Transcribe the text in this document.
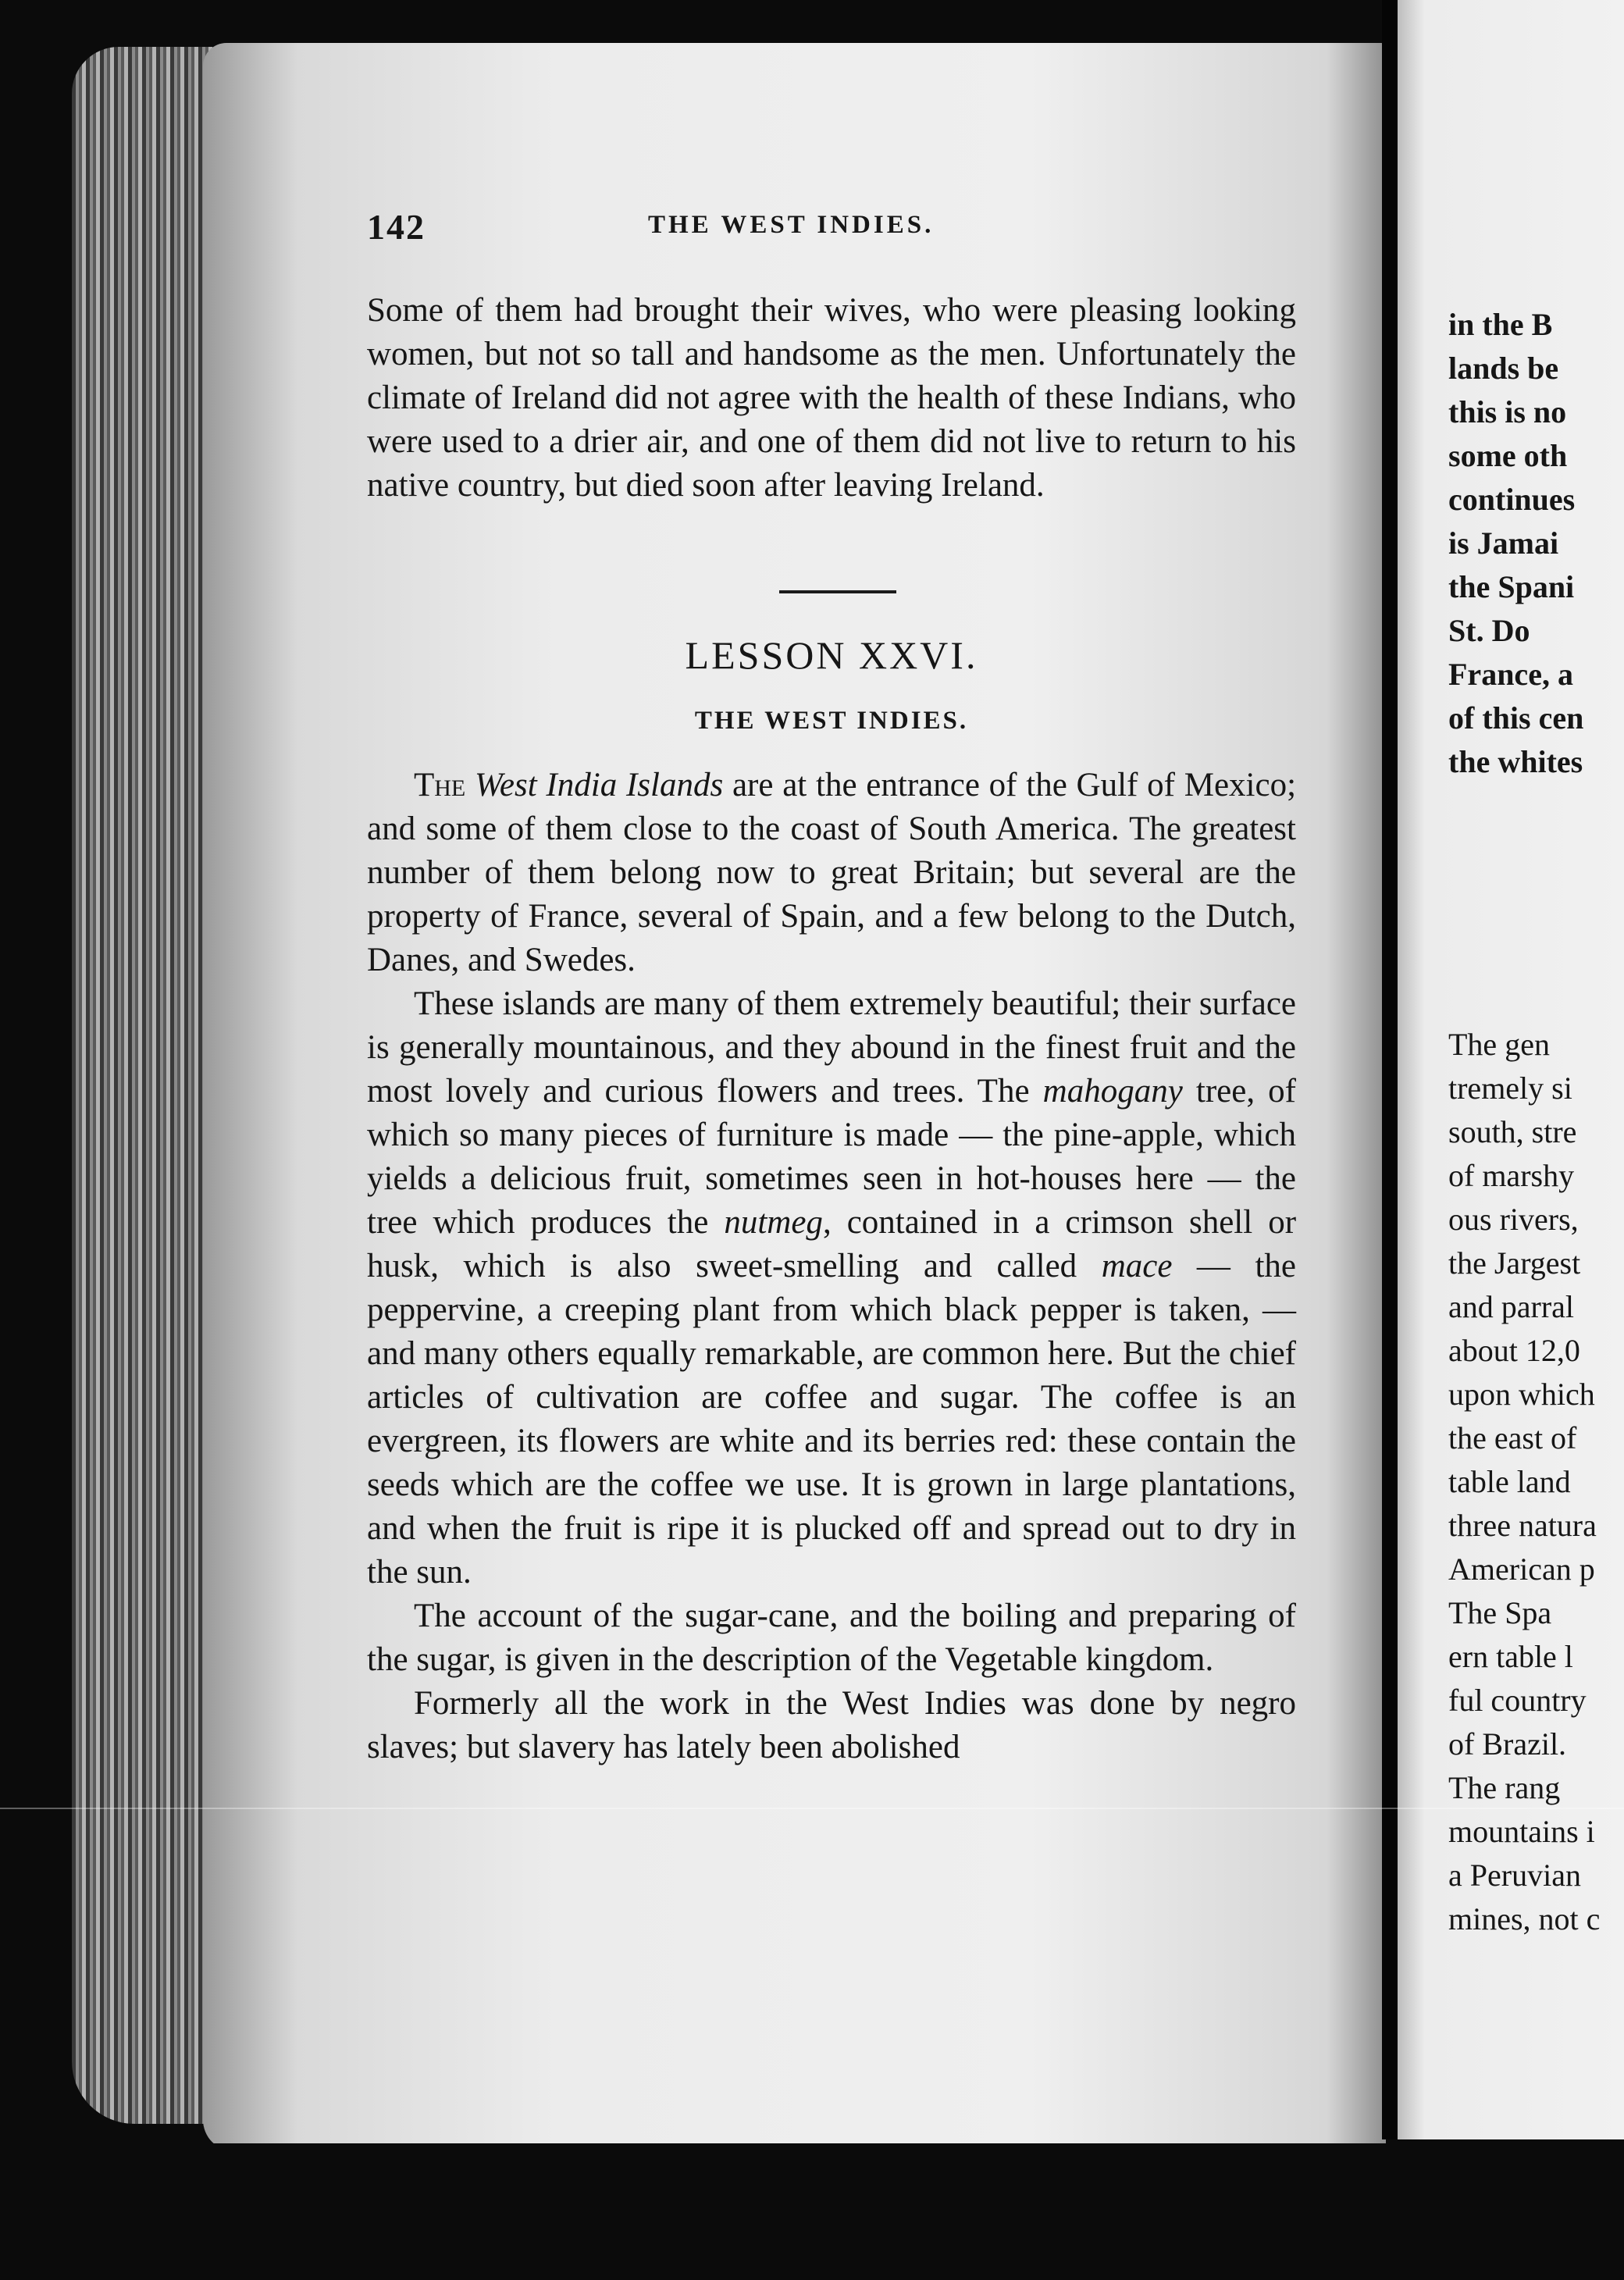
142	THE WEST INDIES.

Some of them had brought their wives, who were pleasing looking women, but not so tall and handsome as the men. Unfortunately the climate of Ireland did not agree with the health of these Indians, who were used to a drier air, and one of them did not live to return to his native country, but died soon after leaving Ireland.

LESSON XXVI.
THE WEST INDIES.

The West India Islands are at the entrance of the Gulf of Mexico; and some of them close to the coast of South America. The greatest number of them belong now to great Britain; but several are the property of France, several of Spain, and a few belong to the Dutch, Danes, and Swedes.

These islands are many of them extremely beautiful; their surface is generally mountainous, and they abound in the finest fruit and the most lovely and curious flowers and trees. The mahogany tree, of which so many pieces of furniture is made — the pine-apple, which yields a delicious fruit, sometimes seen in hot-houses here — the tree which produces the nutmeg, contained in a crimson shell or husk, which is also sweet-smelling and called mace — the peppervine, a creeping plant from which black pepper is taken, — and many others equally remarkable, are common here. But the chief articles of cultivation are coffee and sugar. The coffee is an evergreen, its flowers are white and its berries red: these contain the seeds which are the coffee we use. It is grown in large plantations, and when the fruit is ripe it is plucked off and spread out to dry in the sun.

The account of the sugar-cane, and the boiling and preparing of the sugar, is given in the description of the Vegetable kingdom.

Formerly all the work in the West Indies was done by negro slaves; but slavery has lately been abolished

in the B

lands be

this is no

some oth

continues

is Jamai

the Spani

St. Do

France, a

of this cen

the whites

The gen

tremely si

south, stre

of marshy

ous rivers,

the Jargest

and parral

about 12,0

upon which

the east of

table land

three natura

American p

The Spa

ern table l

ful country

of Brazil.

The rang

mountains i

a Peruvian

mines, not c
